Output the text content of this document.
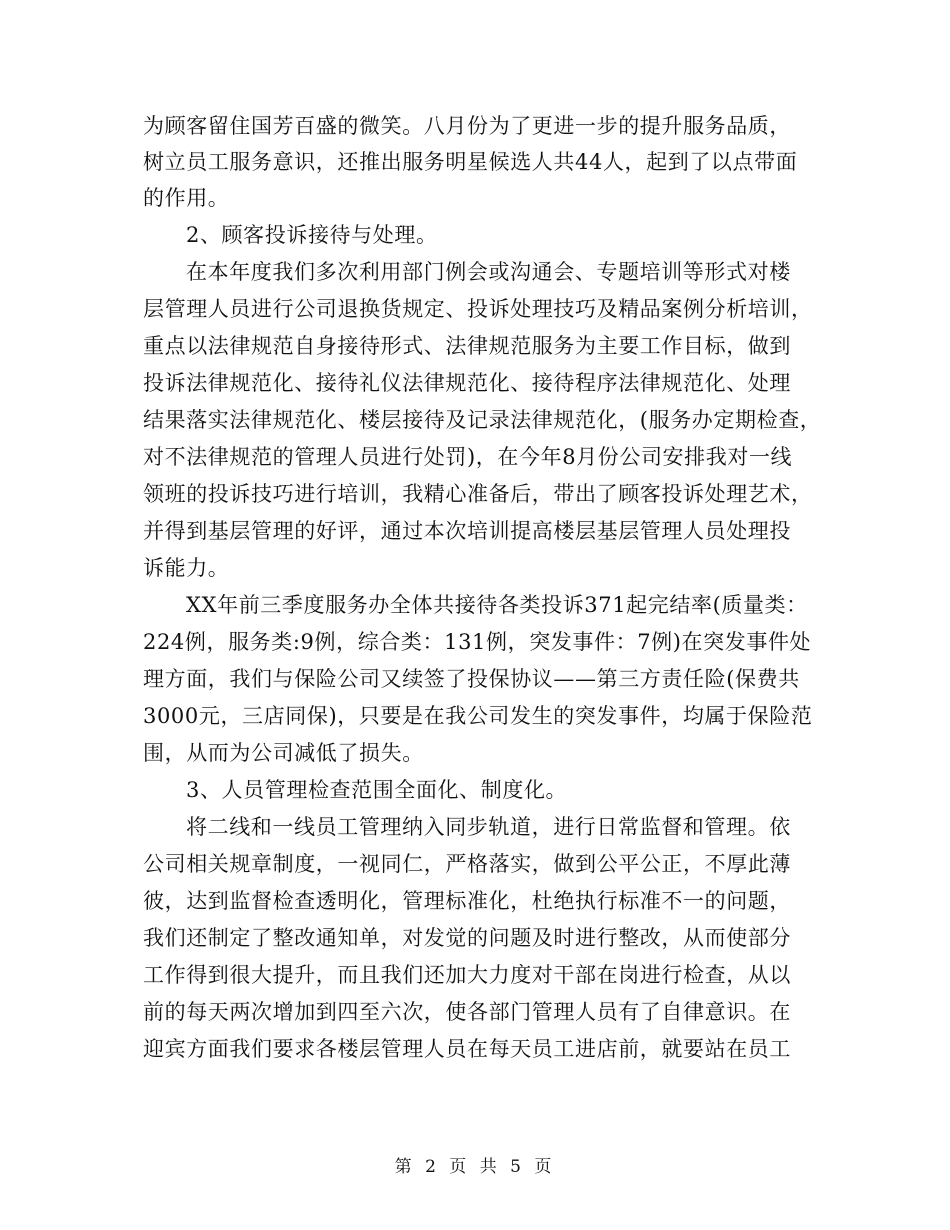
为顾客留住国芳百盛的微笑。八月份为了更进一步的提升服务品质，
树立员工服务意识，还推出服务明星候选人共44人，起到了以点带面
的作用。
2、顾客投诉接待与处理。
在本年度我们多次利用部门例会或沟通会、专题培训等形式对楼
层管理人员进行公司退换货规定、投诉处理技巧及精品案例分析培训，
重点以法律规范自身接待形式、法律规范服务为主要工作目标，做到
投诉法律规范化、接待礼仪法律规范化、接待程序法律规范化、处理
结果落实法律规范化、楼层接待及记录法律规范化，(服务办定期检查，
对不法律规范的管理人员进行处罚)，在今年8月份公司安排我对一线
领班的投诉技巧进行培训，我精心准备后，带出了顾客投诉处理艺术，
并得到基层管理的好评，通过本次培训提高楼层基层管理人员处理投
诉能力。
XX年前三季度服务办全体共接待各类投诉371起完结率(质量类：
224例，服务类:9例，综合类：131例，突发事件：7例)在突发事件处
理方面，我们与保险公司又续签了投保协议——第三方责任险(保费共
3000元，三店同保)，只要是在我公司发生的突发事件，均属于保险范
围，从而为公司减低了损失。
3、人员管理检查范围全面化、制度化。
将二线和一线员工管理纳入同步轨道，进行日常监督和管理。依
公司相关规章制度，一视同仁，严格落实，做到公平公正，不厚此薄
彼，达到监督检查透明化，管理标准化，杜绝执行标准不一的问题，
我们还制定了整改通知单，对发觉的问题及时进行整改，从而使部分
工作得到很大提升，而且我们还加大力度对干部在岗进行检查，从以
前的每天两次增加到四至六次，使各部门管理人员有了自律意识。在
迎宾方面我们要求各楼层管理人员在每天员工进店前，就要站在员工
第 2 页 共 5 页
